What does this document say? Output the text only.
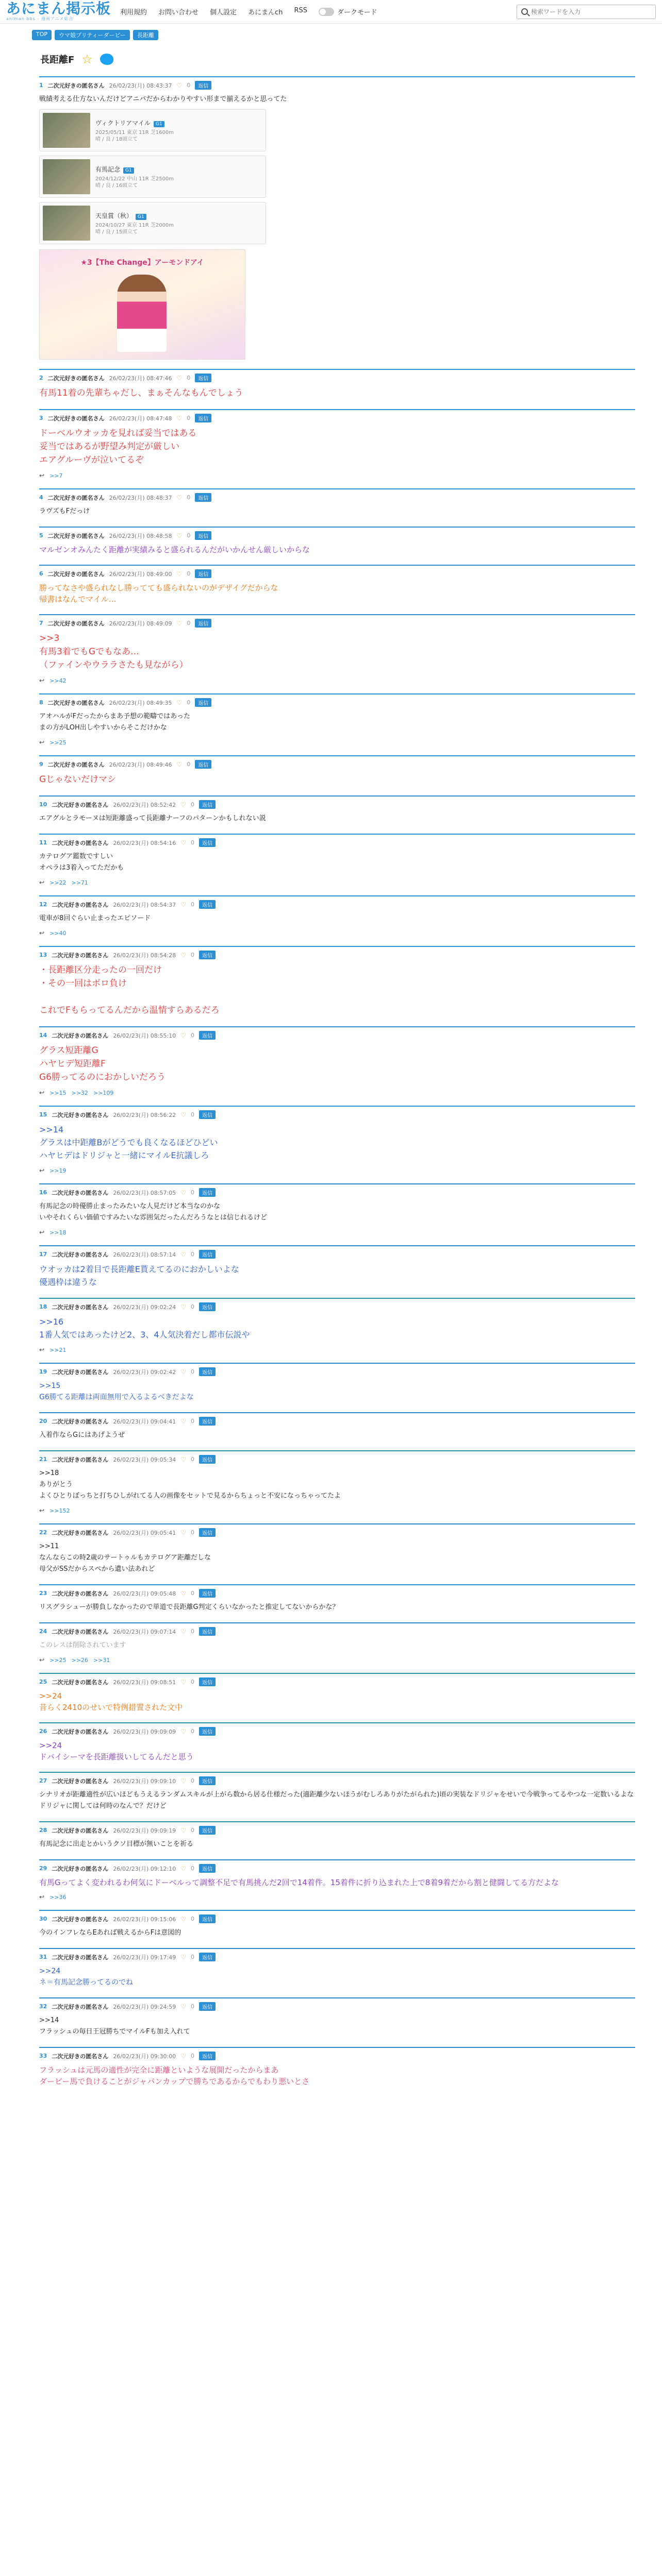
あにまん掲示板
animan bbs - 漫画アニメ総合
利用規約 お問い合わせ 個人設定 あにまんch RSS	ダークモード
検索ワードを入力
TOP	ウマ娘プリティーダービー	長距離
長距離F ☆
1 二次元好きの匿名さん 26/02/23(月) 08:43:37 ♡ 0	返信
戦績考える仕方ないんだけどアニバだからわかりやすい形まで揃えるかと思ってた
ヴィクトリアマイル G1
2025/05/11 東京 11R 芝1600m
晴 / 良 / 18頭立て
有馬記念 G1
2024/12/22 中山 11R 芝2500m
晴 / 良 / 16頭立て
天皇賞（秋） G1
2024/10/27 東京 11R 芝2000m
晴 / 良 / 15頭立て
★3【The Change】アーモンドアイ
2 二次元好きの匿名さん 26/02/23(月) 08:47:46 ♡ 0	返信
有馬11着の先輩ちゃだし、まぁそんなもんでしょう
3 二次元好きの匿名さん 26/02/23(月) 08:47:48 ♡ 0	返信
ドーベルウオッカを見れば妥当ではある
妥当ではあるが野望み判定が厳しい
エアグルーヴが泣いてるぞ
↩ >>7
4 二次元好きの匿名さん 26/02/23(月) 08:48:37 ♡ 0	返信
ラヴズもFだっけ
5 二次元好きの匿名さん 26/02/23(月) 08:48:58 ♡ 0	返信
マルゼンオみんたく距離が実績みると盛られるんだがいかんせん厳しいからな
6 二次元好きの匿名さん 26/02/23(月) 08:49:00 ♡ 0	返信
勝ってなさや盛られなし勝ってても盛られないのがデザイグだからな
帰書はなんでマイル…
7 二次元好きの匿名さん 26/02/23(月) 08:49:09 ♡ 0	返信
>>3
有馬3着でもGでもなあ…
（ファインやウララさたも見ながら）
↩ >>42
8 二次元好きの匿名さん 26/02/23(月) 08:49:35 ♡ 0	返信
アオハルがFだったからまあ予想の範疇ではあった
まの方がLOH出しやすいからそこだけかな
↩ >>25
9 二次元好きの匿名さん 26/02/23(月) 08:49:46 ♡ 0	返信
Gじゃないだけマシ
10 二次元好きの匿名さん 26/02/23(月) 08:52:42 ♡ 0	返信
エアグルとラモーヌは短距離盛って長距離ナーフのパターンかもしれない説
11 二次元好きの匿名さん 26/02/23(月) 08:54:16 ♡ 0	返信
カテログア鑑数ですしい
オペラは3着入ってただかも
↩ >>22 >>71
12 二次元好きの匿名さん 26/02/23(月) 08:54:37 ♡ 0	返信
電車が8回ぐらい止まったエピソード
↩ >>40
13 二次元好きの匿名さん 26/02/23(月) 08:54:28 ♡ 0	返信
・長距離区分走ったの一回だけ
・その一回はボロ負け

これでFもらってるんだから温情すらあるだろ
14 二次元好きの匿名さん 26/02/23(月) 08:55:10 ♡ 0	返信
グラス短距離G
ハヤヒデ短距離F
G6勝ってるのにおかしいだろう
↩ >>15 >>32 >>109
15 二次元好きの匿名さん 26/02/23(月) 08:56:22 ♡ 0	返信
>>14
グラスは中距離Bがどうでも良くなるほどひどい
ハヤヒデはドリジャと一緒にマイルE抗議しろ
↩ >>19
16 二次元好きの匿名さん 26/02/23(月) 08:57:05 ♡ 0	返信
有馬記念の時優勝止まったみたいな人見だけど本当なのかな
いやそれくらい価値ですみたいな雰囲気だったんだろうなとは信じれるけど
↩ >>18
17 二次元好きの匿名さん 26/02/23(月) 08:57:14 ♡ 0	返信
ウオッカは2着目で長距離E貰えてるのにおかしいよな
優遇枠は違うな
18 二次元好きの匿名さん 26/02/23(月) 09:02:24 ♡ 0	返信
>>16
1番人気ではあったけど2、3、4人気決着だし都市伝説や
↩ >>21
19 二次元好きの匿名さん 26/02/23(月) 09:02:42 ♡ 0	返信
>>15
G6勝てる距離は両面無用で入るよるべきだよな
20 二次元好きの匿名さん 26/02/23(月) 09:04:41 ♡ 0	返信
入着作ならGにはあげようぜ
21 二次元好きの匿名さん 26/02/23(月) 09:05:34 ♡ 0	返信
>>18
ありがとう
よくひとりぼっちと打ちひしがれてる人の画像をセットで見るからちょっと不安になっちゃってたよ
↩ >>152
22 二次元好きの匿名さん 26/02/23(月) 09:05:41 ♡ 0	返信
>>11
なんならこの時2歳のサートゥルもカテログア距離だしな
母父がSSだからスペから遺い法あれど
23 二次元好きの匿名さん 26/02/23(月) 09:05:48 ♡ 0	返信
リスグラシューが勝負しなかったので単道で長距離G判定くらいなかったと推定してないからかな？
24 二次元好きの匿名さん 26/02/23(月) 09:07:14 ♡ 0	返信
このレスは削除されています
↩ >>25 >>26 >>31
25 二次元好きの匿名さん 26/02/23(月) 09:08:51 ♡ 0	返信
>>24
昔らく2410のせいで特例措置された文中
26 二次元好きの匿名さん 26/02/23(月) 09:09:09 ♡ 0	返信
>>24
ドバイシーマを長距離扱いしてるんだと思う
27 二次元好きの匿名さん 26/02/23(月) 09:09:10 ♡ 0	返信
シナリオが距離適性が広いほどもうえるランダムスキルが上がら数から居る仕様だった(適距離少ないほうがむしろありがたがられた)頃の実装なドリジャをせいで今戦争ってるやつな一定数いるよな
ドリジャに関しては何時のなんで？だけど
28 二次元好きの匿名さん 26/02/23(月) 09:09:19 ♡ 0	返信
有馬記念に出走とかいうクソ目標が無いことを祈る
29 二次元好きの匿名さん 26/02/23(月) 09:12:10 ♡ 0	返信
有馬Gってよく変われるわ何気にドーベルって調整不足で有馬挑んだ2回で14着件。15着件に折り込まれた上で8着9着だから割と健闘してる方だよな
↩ >>36
30 二次元好きの匿名さん 26/02/23(月) 09:15:06 ♡ 0	返信
今のインフレならEあれば戦えるからFは意図的
31 二次元好きの匿名さん 26/02/23(月) 09:17:49 ♡ 0	返信
>>24
ネ＝有馬記念勝ってるのでね
32 二次元好きの匿名さん 26/02/23(月) 09:24:59 ♡ 0	返信
>>14
フラッシュの毎日王冠勝ちでマイルFも加え入れて
33 二次元好きの匿名さん 26/02/23(月) 09:30:00 ♡ 0	返信
フラッシュは元馬の適性が完全に距離といような展開だったからまあ
ダービー馬で負けることがジャパンカップで勝ちであるからでもわり悪いとさ
